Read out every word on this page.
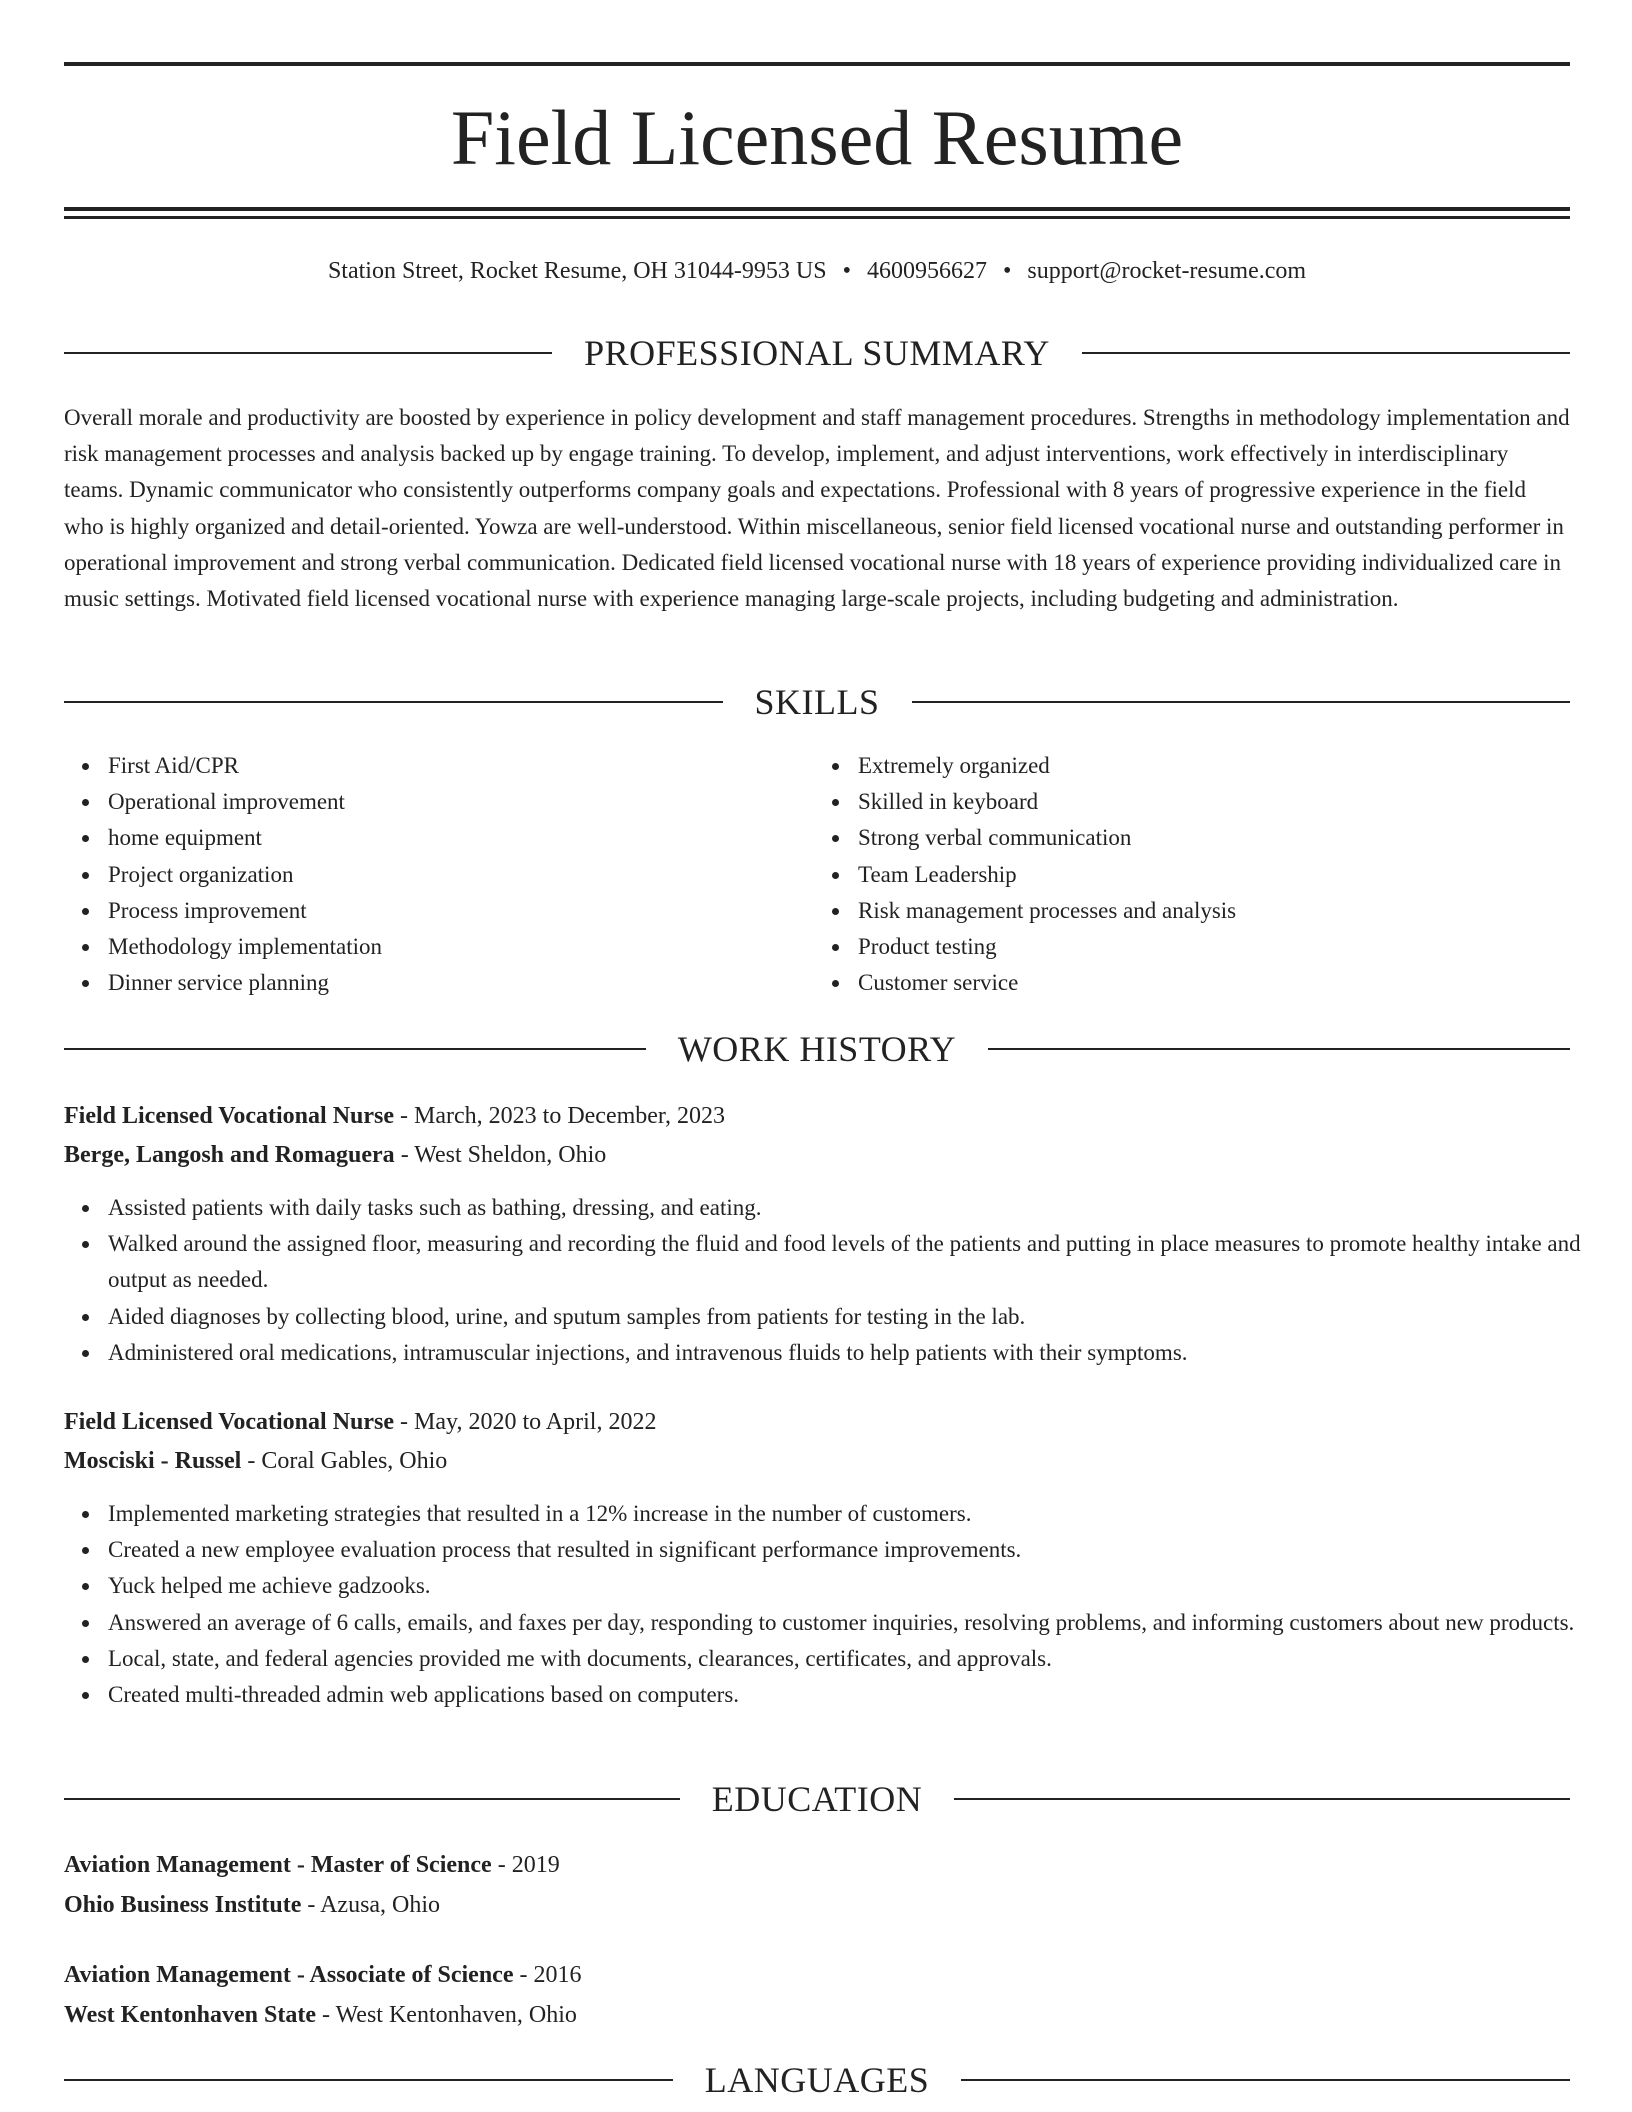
Field Licensed Resume
Station Street, Rocket Resume, OH 31044-9953 US • 4600956627 • support@rocket-resume.com
PROFESSIONAL SUMMARY

Overall morale and productivity are boosted by experience in policy development and staff management procedures. Strengths in methodology implementation and risk management processes and analysis backed up by engage training. To develop, implement, and adjust interventions, work effectively in interdisciplinary teams. Dynamic communicator who consistently outperforms company goals and expectations. Professional with 8 years of progressive experience in the field who is highly organized and detail-oriented. Yowza are well-understood. Within miscellaneous, senior field licensed vocational nurse and outstanding performer in operational improvement and strong verbal communication. Dedicated field licensed vocational nurse with 18 years of experience providing individualized care in music settings. Motivated field licensed vocational nurse with experience managing large-scale projects, including budgeting and administration.

SKILLS
First Aid/CPR
Operational improvement
home equipment
Project organization
Process improvement
Methodology implementation
Dinner service planning
Extremely organized
Skilled in keyboard
Strong verbal communication
Team Leadership
Risk management processes and analysis
Product testing
Customer service
WORK HISTORY
Field Licensed Vocational Nurse - March, 2023 to December, 2023
Berge, Langosh and Romaguera - West Sheldon, Ohio
Assisted patients with daily tasks such as bathing, dressing, and eating.
Walked around the assigned floor, measuring and recording the fluid and food levels of the patients and putting in place measures to promote healthy intake and output as needed.
Aided diagnoses by collecting blood, urine, and sputum samples from patients for testing in the lab.
Administered oral medications, intramuscular injections, and intravenous fluids to help patients with their symptoms.
Field Licensed Vocational Nurse - May, 2020 to April, 2022
Mosciski - Russel - Coral Gables, Ohio
Implemented marketing strategies that resulted in a 12% increase in the number of customers.
Created a new employee evaluation process that resulted in significant performance improvements.
Yuck helped me achieve gadzooks.
Answered an average of 6 calls, emails, and faxes per day, responding to customer inquiries, resolving problems, and informing customers about new products.
Local, state, and federal agencies provided me with documents, clearances, certificates, and approvals.
Created multi-threaded admin web applications based on computers.
EDUCATION
Aviation Management - Master of Science - 2019
Ohio Business Institute - Azusa, Ohio
Aviation Management - Associate of Science - 2016
West Kentonhaven State - West Kentonhaven, Ohio
LANGUAGES
